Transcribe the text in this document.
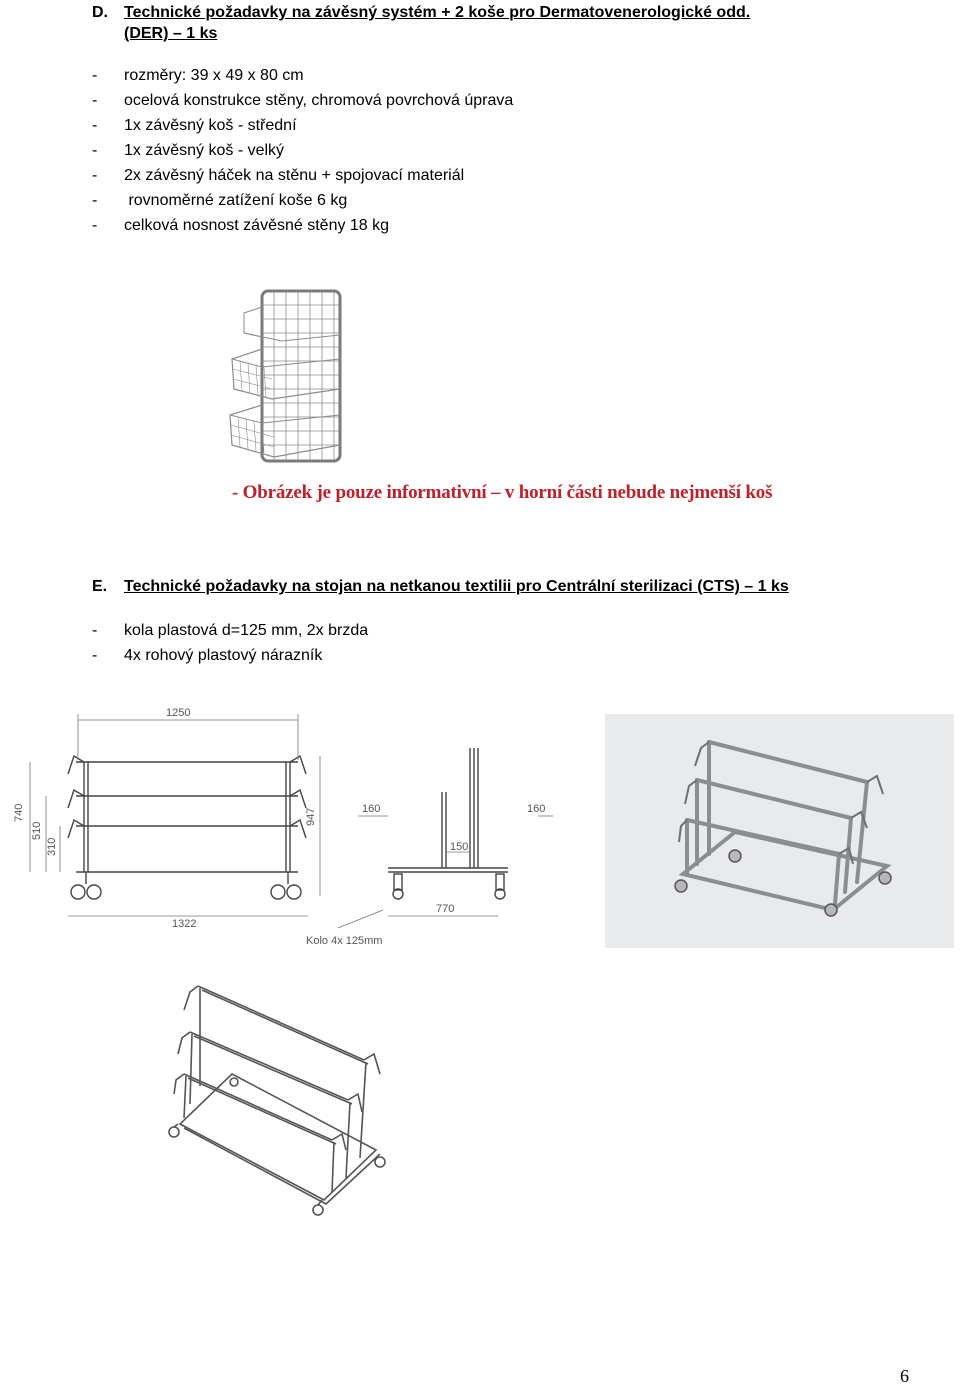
D. Technické požadavky na závěsný systém + 2 koše pro Dermatovenerologické odd.
(DER) – 1 ks
- rozměry: 39 x 49 x 80 cm
- ocelová konstrukce stěny, chromová povrchová úprava
- 1x závěsný koš - střední
- 1x závěsný koš - velký
- 2x závěsný háček na stěnu + spojovací materiál
- rovnoměrné zatížení koše 6 kg
- celková nosnost závěsné stěny 18 kg
- Obrázek je pouze informativní – v horní části nebude nejmenší koš
E. Technické požadavky na stojan na netkanou textilii pro Centrální sterilizaci (CTS) – 1 ks
- kola plastová d=125 mm, 2x brzda
- 4x rohový plastový nárazník
1250
740
510
310
947
1322
160	160
150
770
Kolo 4x 125mm
6
